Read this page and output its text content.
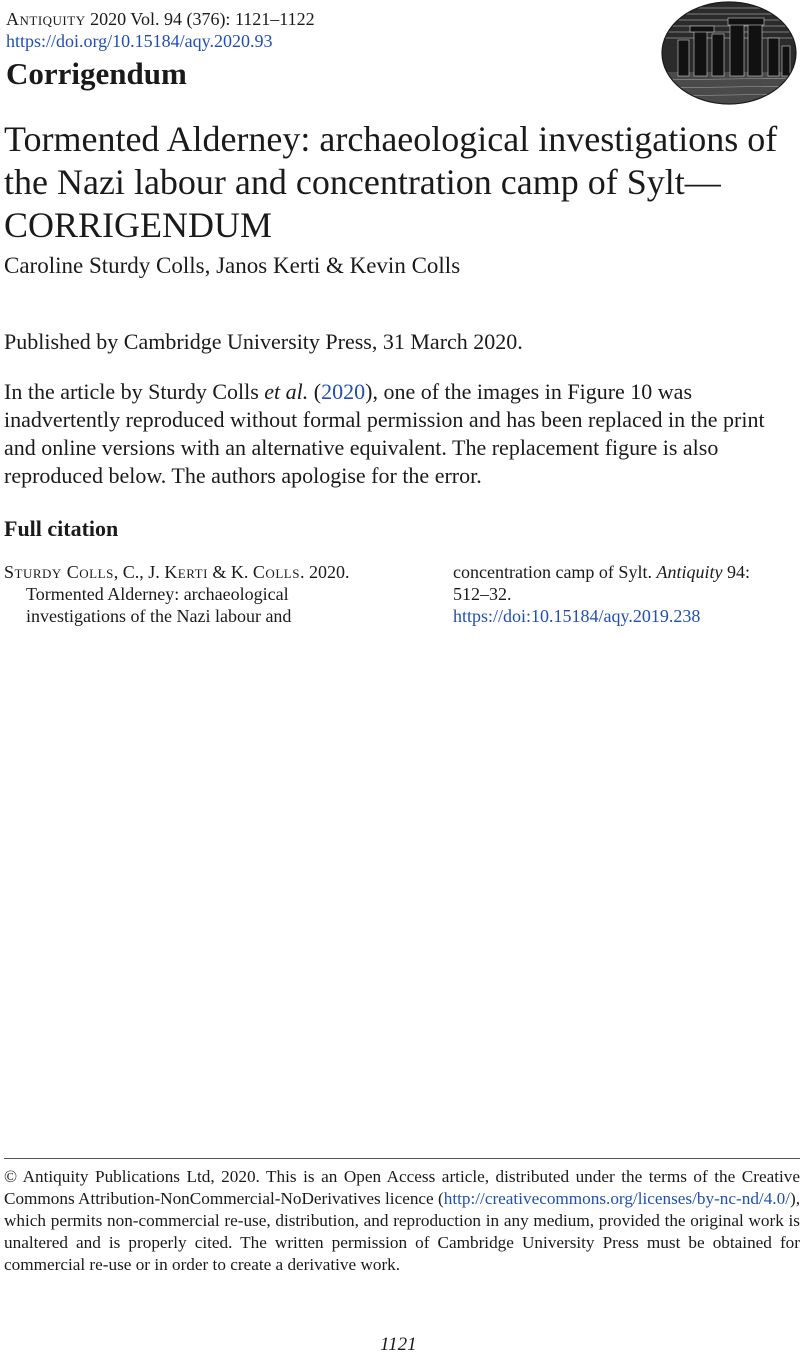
Antiquity 2020 Vol. 94 (376): 1121–1122
https://doi.org/10.15184/aqy.2020.93
Corrigendum
Tormented Alderney: archaeological investigations of
the Nazi labour and concentration camp of Sylt—
CORRIGENDUM
Caroline Sturdy Colls, Janos Kerti & Kevin Colls
Published by Cambridge University Press, 31 March 2020.

In the article by Sturdy Colls et al. (2020), one of the images in Figure 10 was inadvertently reproduced without formal permission and has been replaced in the print and online versions with an alternative equivalent. The replacement figure is also reproduced below. The authors apologise for the error.

Full citation
Sturdy Colls, C., J. Kerti & K. Colls. 2020.
Tormented Alderney: archaeological
investigations of the Nazi labour and
concentration camp of Sylt. Antiquity 94:
512–32.
https://doi:10.15184/aqy.2019.238

© Antiquity Publications Ltd, 2020. This is an Open Access article, distributed under the terms of the Creative Commons Attribution-NonCommercial-NoDerivatives licence (http://creativecommons.org/licenses/by-nc-nd/4.0/), which permits non-commercial re-use, distribution, and reproduction in any medium, provided the original work is unaltered and is properly cited. The written permission of Cambridge University Press must be obtained for commercial re-use or in order to create a derivative work.

1121
